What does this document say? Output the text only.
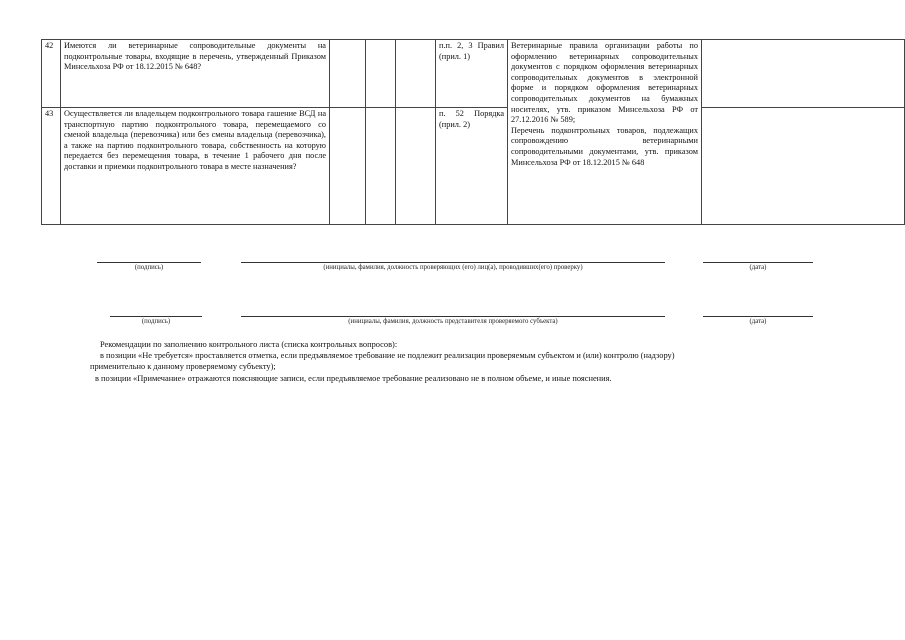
42	Имеются ли ветеринарные сопроводительные документы на подконтрольные товары, входящие в перечень, утвержденный Приказом Минсельхоза РФ от 18.12.2015 № 648?				п.п. 2, 3 Правил (прил. 1)	Ветеринарные правила организации работы по оформлению ветеринарных сопроводительных документов с порядком оформления ветеринарных сопроводительных документов в электронной форме и порядком оформления ветеринарных сопроводительных документов на бумажных носителях, утв. приказом Минсельхоза РФ от 27.12.2016 № 589;

Перечень подконтрольных товаров, подлежащих сопровождению ветеринарными сопроводительными документами, утв. приказом Минсельхоза РФ от 18.12.2015 № 648	

43	Осуществляется ли владельцем подконтрольного товара гашение ВСД на транспортную партию подконтрольного товара, перемещаемого со сменой владельца (перевозчика) или без смены владельца (перевозчика), а также на партию подконтрольного товара, собственность на которую передается без перемещения товара, в течение 1 рабочего дня после доставки и приемки подконтрольного товара в месте назначения?				п. 52 Порядка (прил. 2)		
(подпись)	(инициалы, фамилия, должность проверяющих (его) лиц(а), проводивших(его) проверку)	(дата)
(подпись)	(инициалы, фамилия, должность представителя проверяемого субъекта)	(дата)

Рекомендации по заполнению контрольного листа (списка контрольных вопросов):

в позиции «Не требуется» проставляется отметка, если предъявляемое требование не подлежит реализации проверяемым субъектом и (или) контролю (надзору)

применительно к данному проверяемому субъекту);
в позиции «Примечание» отражаются поясняющие записи, если предъявляемое требование реализовано не в полном объеме, и иные пояснения.
